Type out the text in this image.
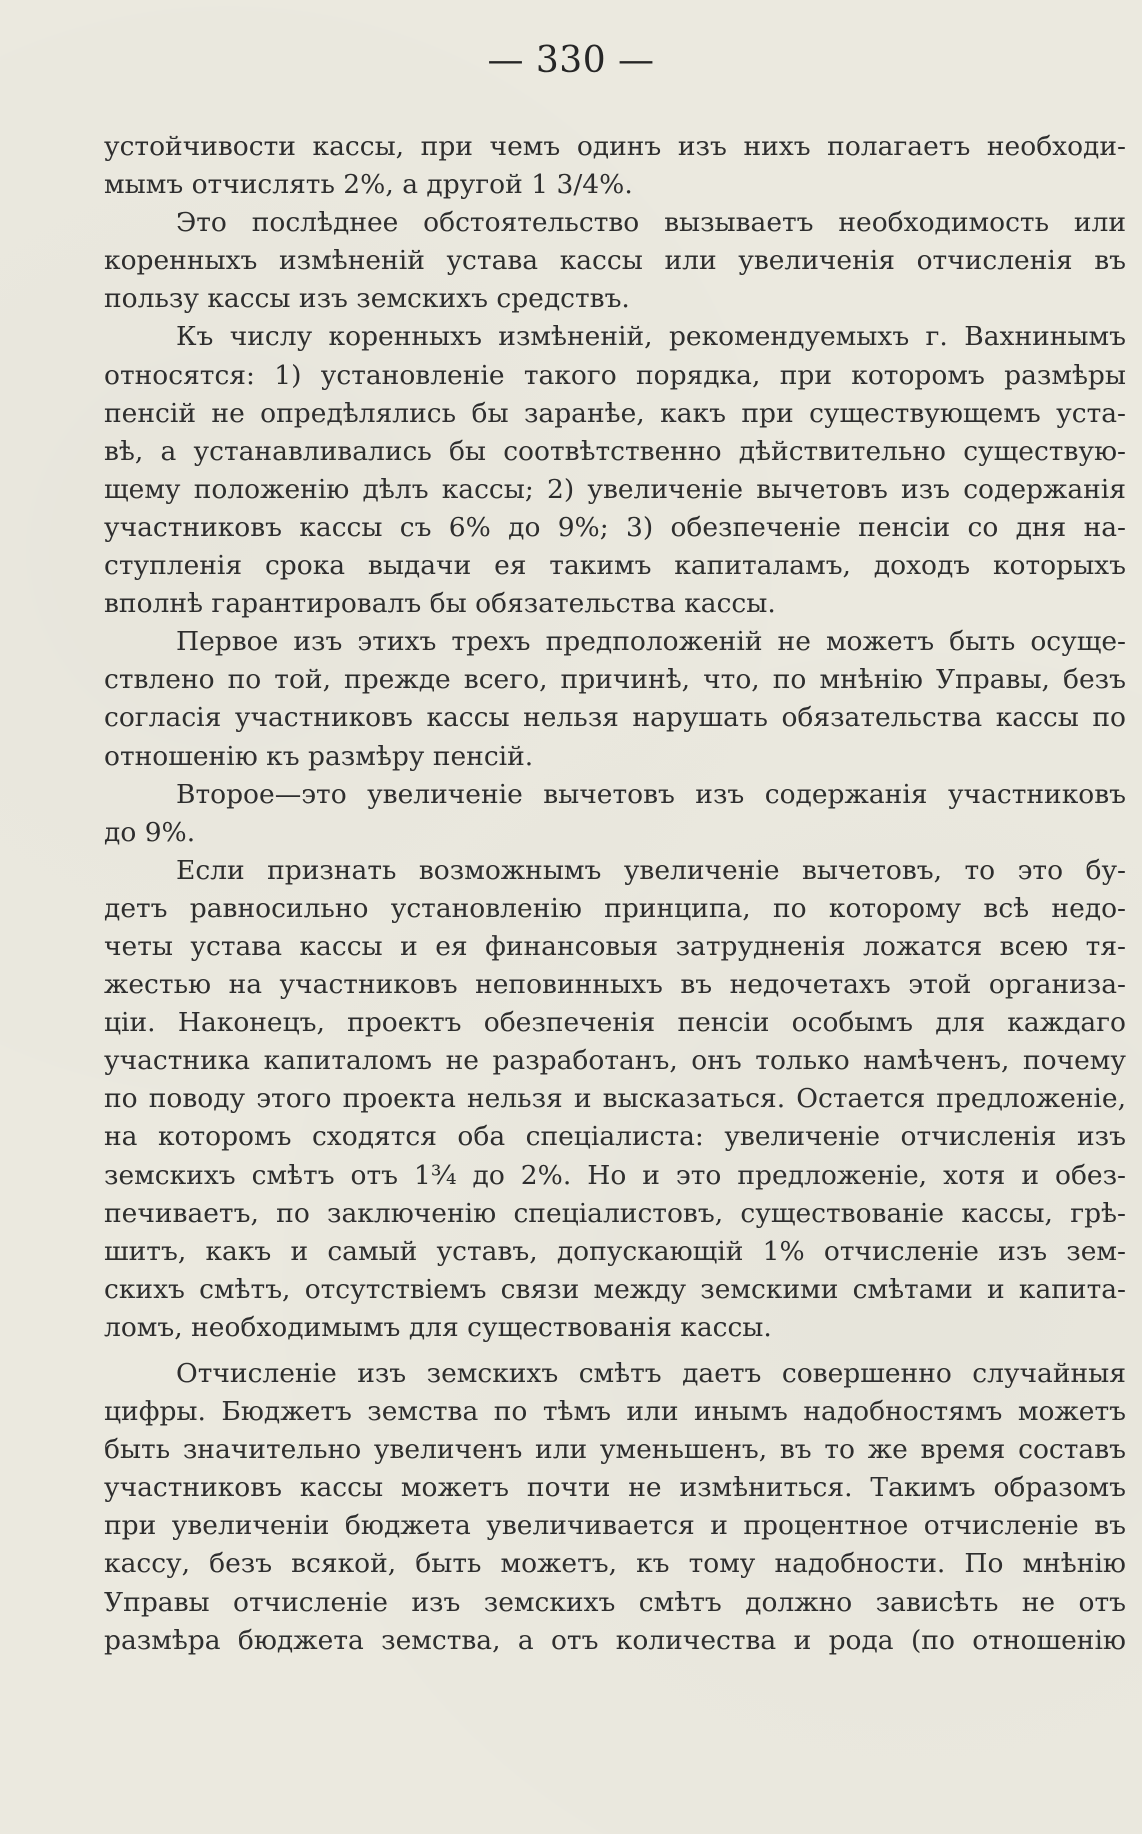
— 330 —

устойчивости кассы, при чемъ одинъ изъ нихъ полагаетъ необходи-
мымъ отчислять 2%, а другой 1 3/4%.

Это послѣднее обстоятельство вызываетъ необходимость или
коренныхъ измѣненій устава кассы или увеличенія отчисленія въ
пользу кассы изъ земскихъ средствъ.

Къ числу коренныхъ измѣненій, рекомендуемыхъ г. Вахнинымъ
относятся: 1) установленіе такого порядка, при которомъ размѣры
пенсій не опредѣлялись бы заранѣе, какъ при существующемъ уста-
вѣ, а устанавливались бы соотвѣтственно дѣйствительно существую-
щему положенію дѣлъ кассы; 2) увеличеніе вычетовъ изъ содержанія
участниковъ кассы съ 6% до 9%; 3) обезпеченіе пенсіи со дня на-
ступленія срока выдачи ея такимъ капиталамъ, доходъ которыхъ
вполнѣ гарантировалъ бы обязательства кассы.

Первое изъ этихъ трехъ предположеній не можетъ быть осуще-
ствлено по той, прежде всего, причинѣ, что, по мнѣнію Управы, безъ
согласія участниковъ кассы нельзя нарушать обязательства кассы по
отношенію къ размѣру пенсій.

Второе—это увеличеніе вычетовъ изъ содержанія участниковъ
до 9%.

Если признать возможнымъ увеличеніе вычетовъ, то это бу-
детъ равносильно установленію принципа, по которому всѣ недо-
четы устава кассы и ея финансовыя затрудненія ложатся всею тя-
жестью на участниковъ неповинныхъ въ недочетахъ этой организа-
ціи. Наконецъ, проектъ обезпеченія пенсіи особымъ для каждаго
участника капиталомъ не разработанъ, онъ только намѣченъ, почему
по поводу этого проекта нельзя и высказаться. Остается предложеніе,
на которомъ сходятся оба спеціалиста: увеличеніе отчисленія изъ
земскихъ смѣтъ отъ 1¾ до 2%. Но и это предложеніе, хотя и обез-
печиваетъ, по заключенію спеціалистовъ, существованіе кассы, грѣ-
шитъ, какъ и самый уставъ, допускающій 1% отчисленіе изъ зем-
скихъ смѣтъ, отсутствіемъ связи между земскими смѣтами и капита-
ломъ, необходимымъ для существованія кассы.

Отчисленіе изъ земскихъ смѣтъ даетъ совершенно случайныя
цифры. Бюджетъ земства по тѣмъ или инымъ надобностямъ можетъ
быть значительно увеличенъ или уменьшенъ, въ то же время составъ
участниковъ кассы можетъ почти не измѣниться. Такимъ образомъ
при увеличеніи бюджета увеличивается и процентное отчисленіе въ
кассу, безъ всякой, быть можетъ, къ тому надобности. По мнѣнію
Управы отчисленіе изъ земскихъ смѣтъ должно зависѣть не отъ
размѣра бюджета земства, а отъ количества и рода (по отношенію
